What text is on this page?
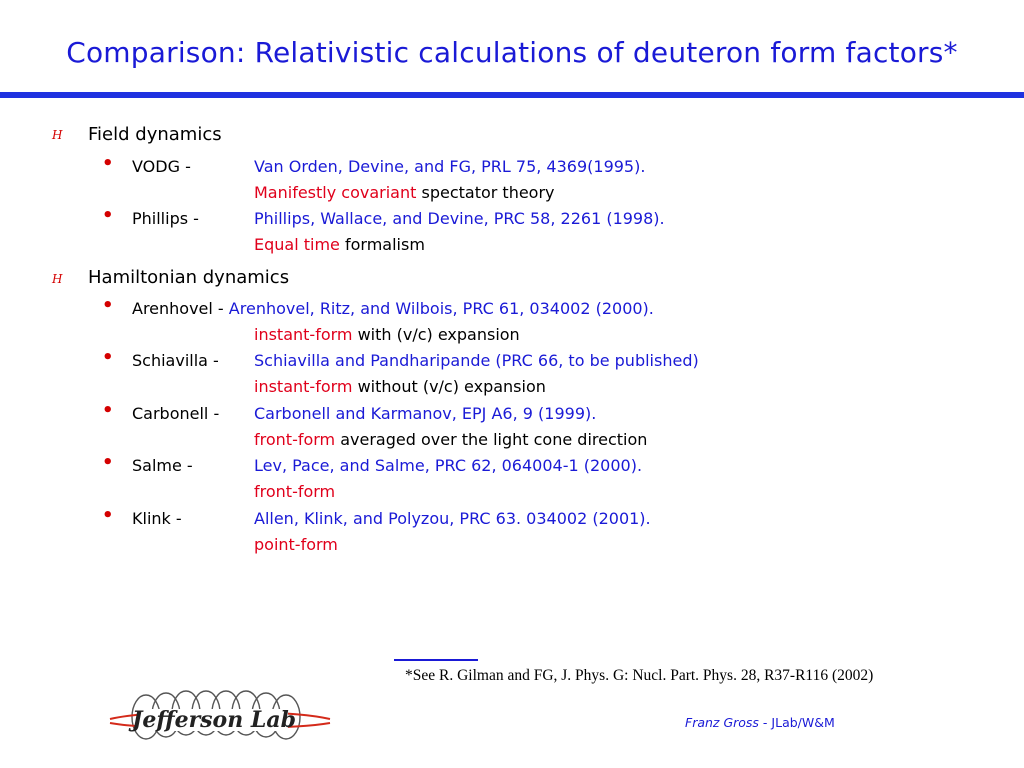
Comparison: Relativistic calculations of deuteron form factors*
H Field dynamics
• VODG -	Van Orden, Devine, and FG, PRL 75, 4369(1995).
Manifestly covariant spectator theory
• Phillips -	Phillips, Wallace, and Devine, PRC 58, 2261 (1998).
Equal time formalism
H Hamiltonian dynamics
• Arenhovel - Arenhovel, Ritz, and Wilbois, PRC 61, 034002 (2000).
instant-form with (v/c) expansion
• Schiavilla - Schiavilla and Pandharipande (PRC 66, to be published)
instant-form without (v/c) expansion
• Carbonell - Carbonell and Karmanov, EPJ A6, 9 (1999).
front-form averaged over the light cone direction
• Salme -	Lev, Pace, and Salme, PRC 62, 064004-1 (2000).
front-form
• Klink -	Allen, Klink, and Polyzou, PRC 63. 034002 (2001).
point-form
*See R. Gilman and FG, J. Phys. G: Nucl. Part. Phys. 28, R37-R116 (2002)
Jefferson Lab	Franz Gross - JLab/W&M
